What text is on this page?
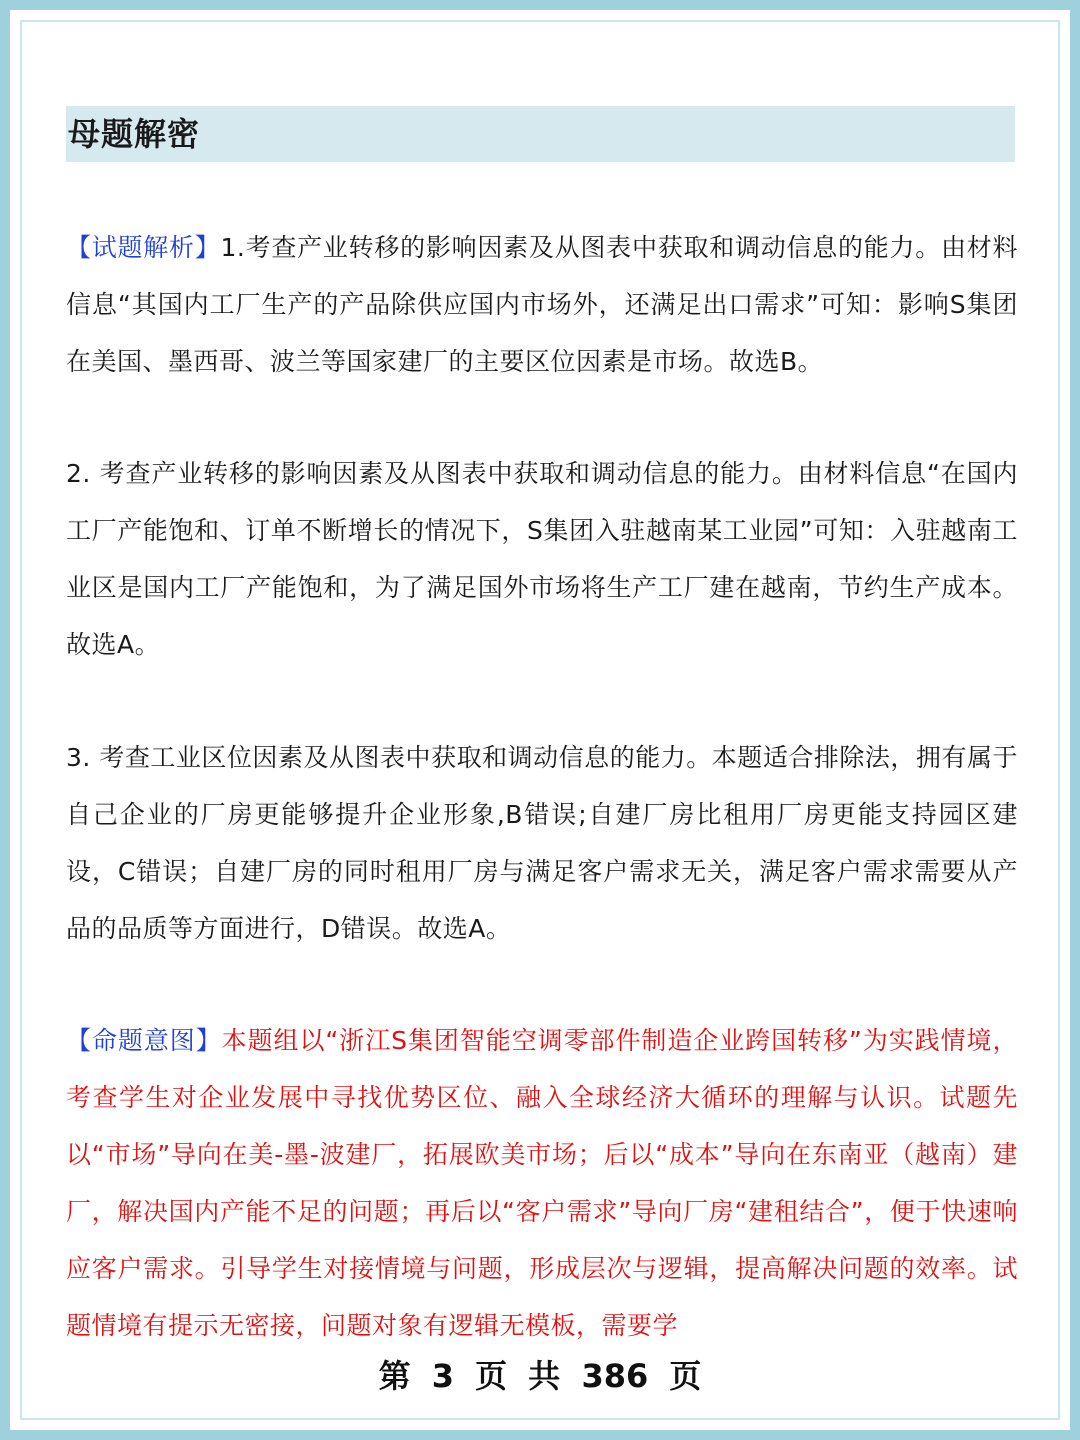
母题解密
【试题解析】1.考查产业转移的影响因素及从图表中获取和调动信息的能力。由材料信息“其国内工厂生产的产品除供应国内市场外，还满足出口需求”可知：影响S集团在美国、墨西哥、波兰等国家建厂的主要区位因素是市场。故选B。
2. 考查产业转移的影响因素及从图表中获取和调动信息的能力。由材料信息“在国内工厂产能饱和、订单不断增长的情况下，S集团入驻越南某工业园”可知：入驻越南工业区是国内工厂产能饱和，为了满足国外市场将生产工厂建在越南，节约生产成本。故选A。
3. 考查工业区位因素及从图表中获取和调动信息的能力。本题适合排除法，拥有属于自己企业的厂房更能够提升企业形象,B错误;自建厂房比租用厂房更能支持园区建设，C错误；自建厂房的同时租用厂房与满足客户需求无关，满足客户需求需要从产品的品质等方面进行，D错误。故选A。
【命题意图】本题组以“浙江S集团智能空调零部件制造企业跨国转移”为实践情境，考查学生对企业发展中寻找优势区位、融入全球经济大循环的理解与认识。试题先以“市场”导向在美-墨-波建厂，拓展欧美市场；后以“成本”导向在东南亚（越南）建厂，解决国内产能不足的问题；再后以“客户需求”导向厂房“建租结合”，便于快速响应客户需求。引导学生对接情境与问题，形成层次与逻辑，提高解决问题的效率。试题情境有提示无密接，问题对象有逻辑无模板，需要学
第 3 页 共 386 页
